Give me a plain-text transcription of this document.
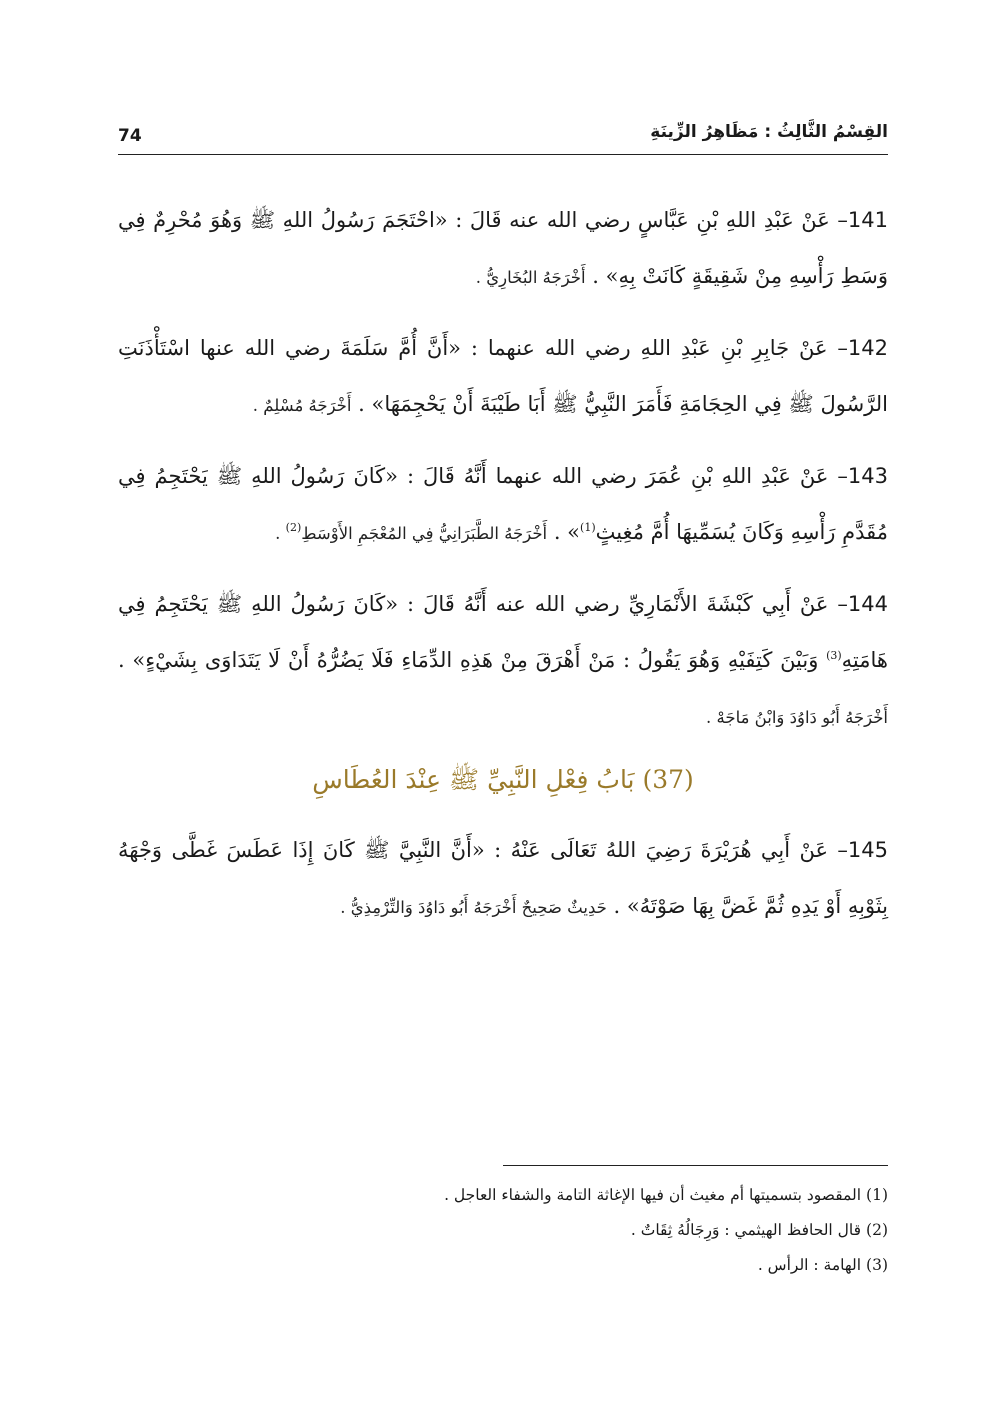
74	القِسْمُ الثَّالِثُ : مَظَاهِرُ الزِّينَةِ

141– عَنْ عَبْدِ اللهِ بْنِ عَبَّاسٍ رضي الله عنه قَالَ : «احْتَجَمَ رَسُولُ اللهِ ﷺ وَهُوَ مُحْرِمٌ فِي وَسَطِ رَأْسِهِ مِنْ شَقِيقَةٍ كَانَتْ بِهِ» . أَخْرَجَهُ البُخَارِيُّ .

142– عَنْ جَابِرِ بْنِ عَبْدِ اللهِ رضي الله عنهما : «أَنَّ أُمَّ سَلَمَةَ رضي الله عنها اسْتَأْذَنَتِ الرَّسُولَ ﷺ فِي الحِجَامَةِ فَأَمَرَ النَّبِيُّ ﷺ أَبَا طَيْبَةَ أَنْ يَحْجِمَهَا» . أَخْرَجَهُ مُسْلِمٌ .

143– عَنْ عَبْدِ اللهِ بْنِ عُمَرَ رضي الله عنهما أَنَّهُ قَالَ : «كَانَ رَسُولُ اللهِ ﷺ يَحْتَجِمُ فِي مُقَدَّمِ رَأْسِهِ وَكَانَ يُسَمِّيهَا أُمَّ مُغِيثٍ$^{(1)}$» . أَخْرَجَهُ الطَّبَرَانِيُّ فِي المُعْجَمِ الأَوْسَطِ$^{(2)}$ .

144– عَنْ أَبِي كَبْشَةَ الأَنْمَارِيِّ رضي الله عنه أَنَّهُ قَالَ : «كَانَ رَسُولُ اللهِ ﷺ يَحْتَجِمُ فِي هَامَتِهِ$^{(3)}$ وَبَيْنَ كَتِفَيْهِ وَهُوَ يَقُولُ : مَنْ أَهْرَقَ مِنْ هَذِهِ الدِّمَاءِ فَلَا يَضُرُّهُ أَنْ لَا يَتَدَاوَى بِشَيْءٍ» . أَخْرَجَهُ أَبُو دَاوُدَ وَابْنُ مَاجَهْ .

(37) بَابُ فِعْلِ النَّبِيِّ ﷺ عِنْدَ العُطَاسِ

145– عَنْ أَبِي هُرَيْرَةَ رَضِيَ اللهُ تَعَالَى عَنْهُ : «أَنَّ النَّبِيَّ ﷺ كَانَ إِذَا عَطَسَ غَطَّى وَجْهَهُ بِثَوْبِهِ أَوْ يَدِهِ ثُمَّ غَضَّ بِهَا صَوْتَهُ» . حَدِيثٌ صَحِيحٌ أَخْرَجَهُ أَبُو دَاوُدَ وَالتِّرْمِذِيُّ .

(1) المقصود بتسميتها أم مغيث أن فيها الإغاثة التامة والشفاء العاجل .
(2) قال الحافظ الهيثمي : وَرِجَالُهُ ثِقَاتٌ .
(3) الهامة : الرأس .
